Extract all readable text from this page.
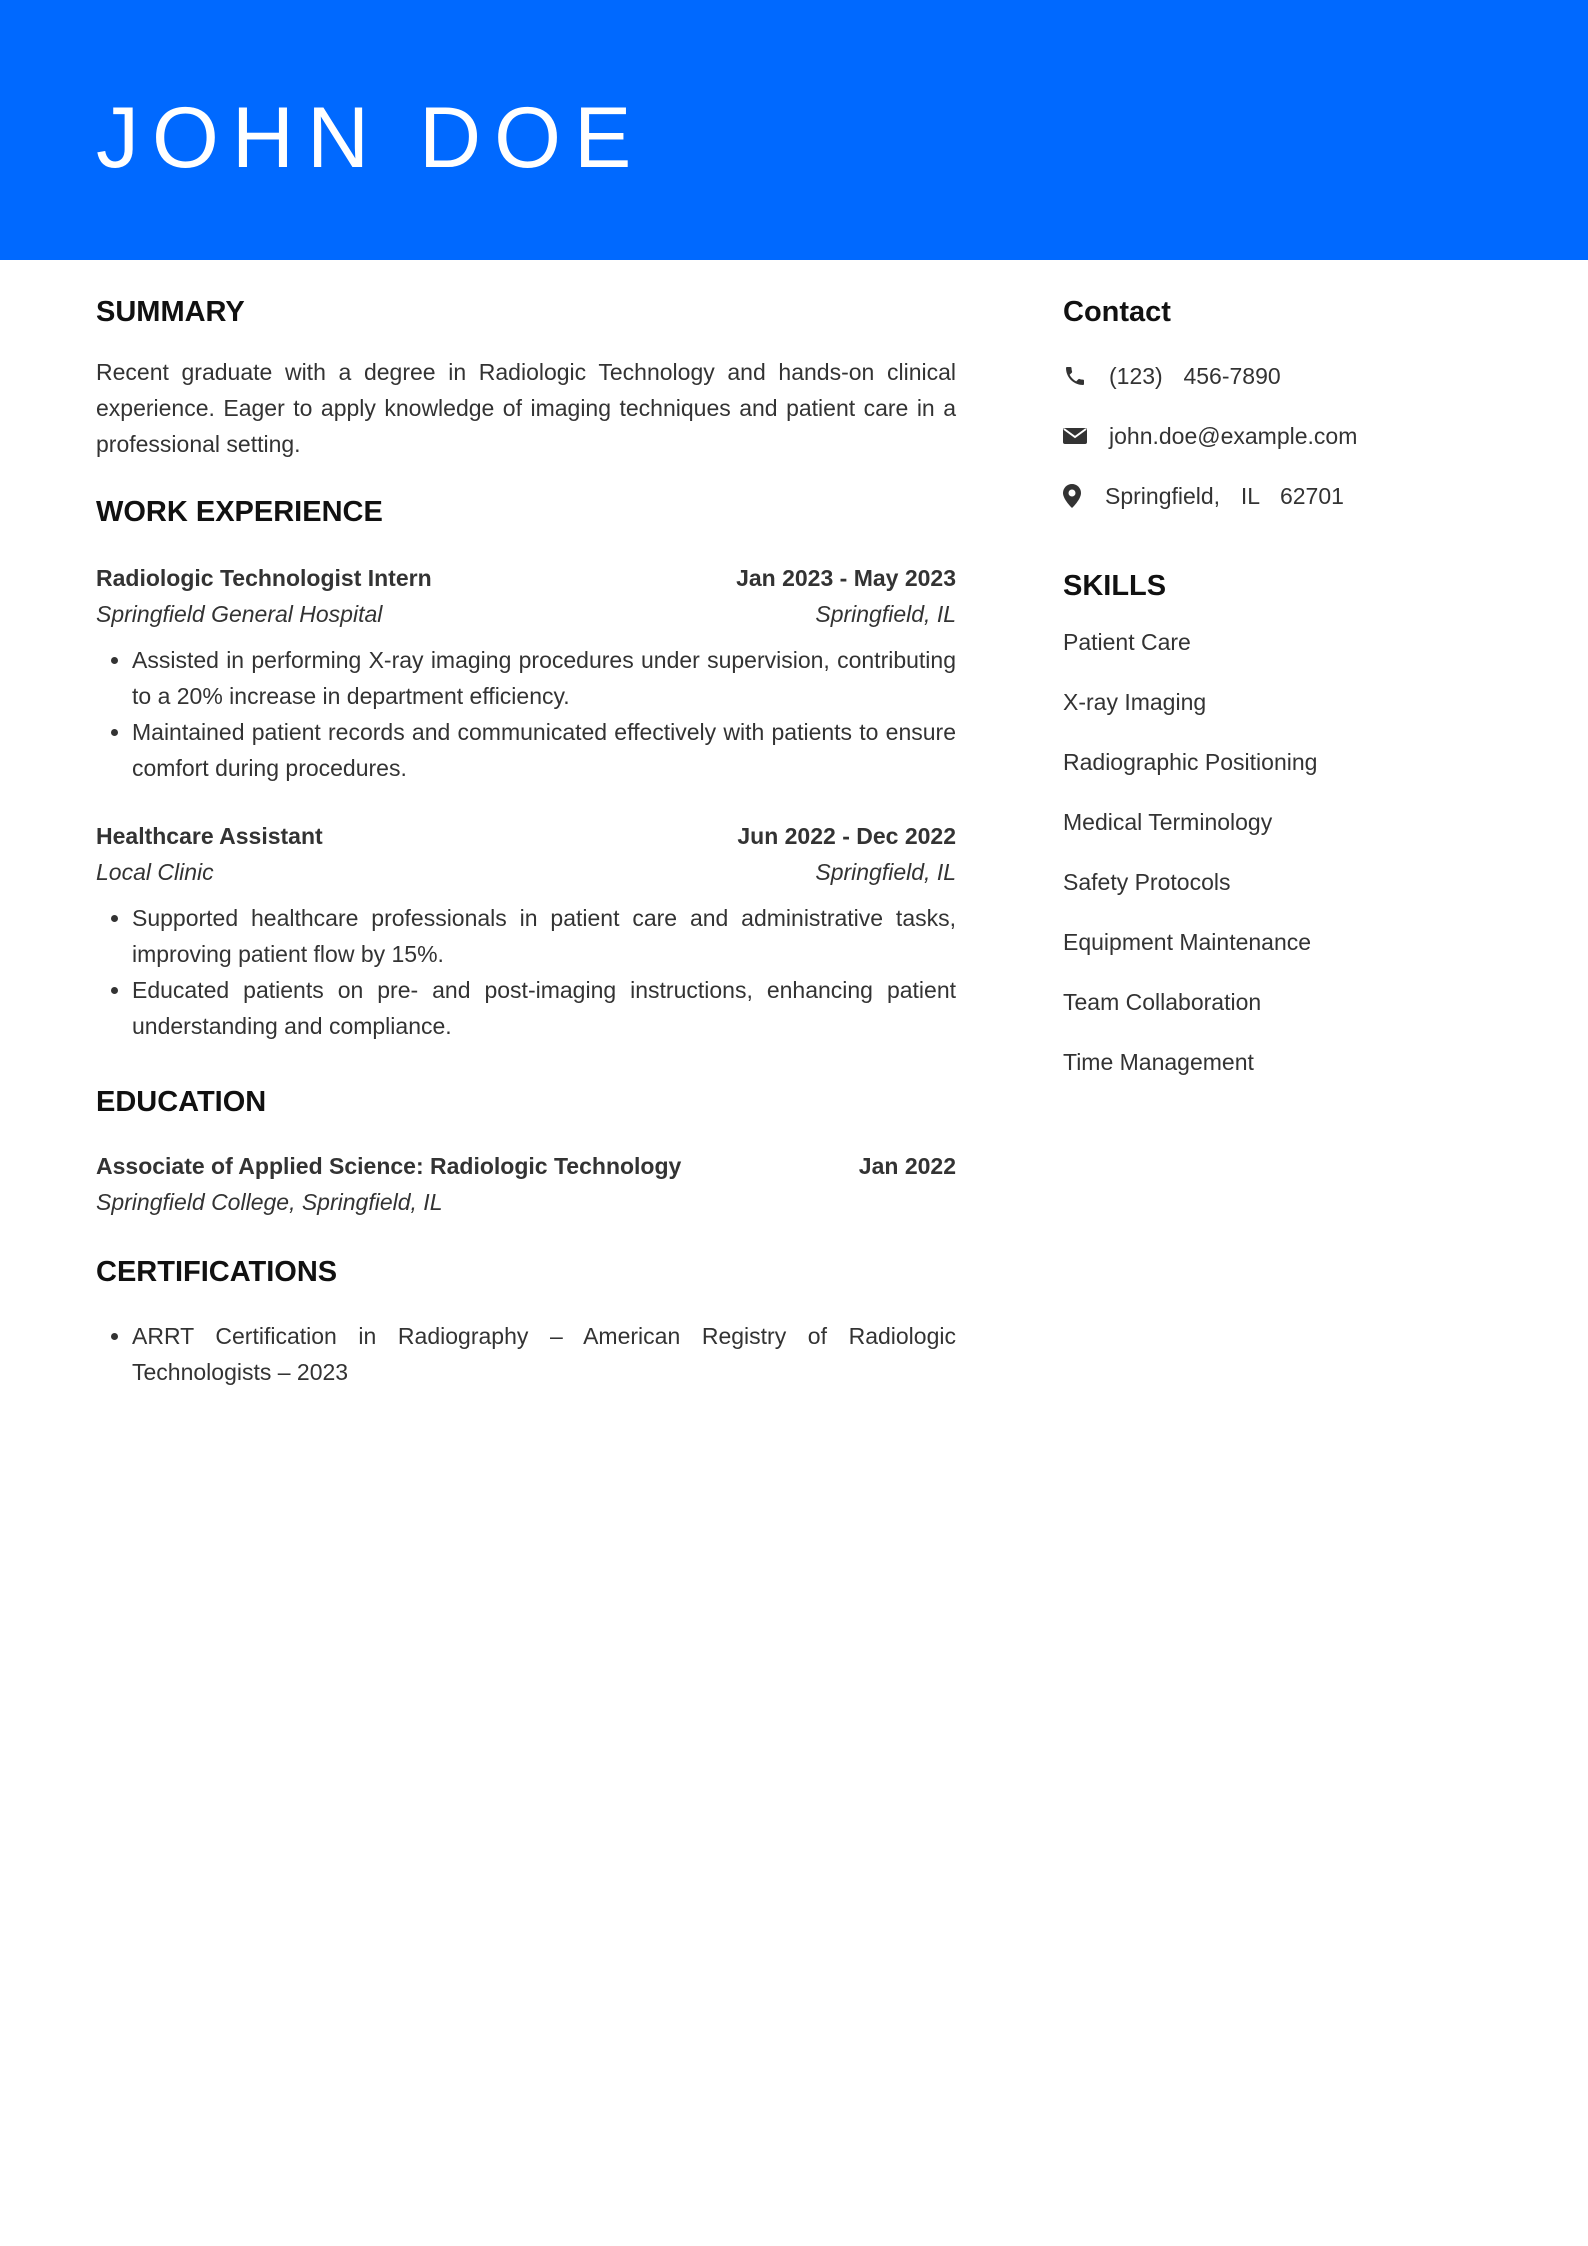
JOHN DOE
SUMMARY

Recent graduate with a degree in Radiologic Technology and hands-on clinical experience. Eager to apply knowledge of imaging techniques and patient care in a professional setting.

WORK EXPERIENCE
Radiologic Technologist Intern	Jan 2023 - May 2023
Springfield General Hospital	Springfield, IL
• Assisted in performing X-ray imaging procedures under supervision, contributing to a 20% increase in department efficiency.
• Maintained patient records and communicated effectively with patients to ensure comfort during procedures.
Healthcare Assistant	Jun 2022 - Dec 2022
Local Clinic	Springfield, IL
• Supported healthcare professionals in patient care and administrative tasks, improving patient flow by 15%.
• Educated patients on pre- and post-imaging instructions, enhancing patient understanding and compliance.
EDUCATION
Associate of Applied Science: Radiologic Technology	Jan 2022
Springfield College, Springfield, IL
CERTIFICATIONS
• ARRT Certification in Radiography – American Registry of Radiologic Technologists – 2023
Contact
(123)  456-7890
john.doe@example.com
Springfield,  IL  62701
SKILLS
Patient Care
X-ray Imaging
Radiographic Positioning
Medical Terminology
Safety Protocols
Equipment Maintenance
Team Collaboration
Time Management
